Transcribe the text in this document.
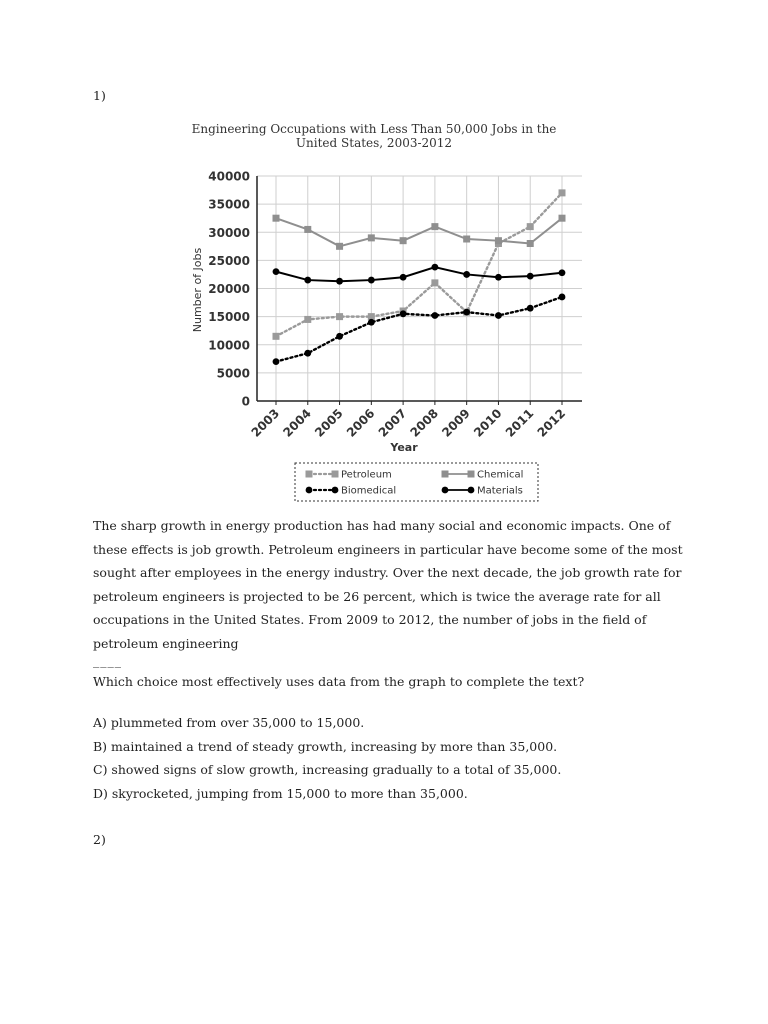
1)
Engineering Occupations with Less Than 50,000 Jobs in the
United States, 2003-2012
0
5000
10000
15000
20000
25000
30000
35000
40000
2003
2004
2005
2006
2007
2008
2009
2010
2011
2012
Number of Jobs
Year
Petroleum	Chemical
Biomedical	Materials
The sharp growth in energy production has had many social and economic impacts. One of these effects is job growth. Petroleum engineers in particular have become some of the most sought after employees in the energy industry. Over the next decade, the job growth rate for petroleum engineers is projected to be 26 percent, which is twice the average rate for all occupations in the United States. From 2009 to 2012, the number of jobs in the field of petroleum engineering
____
Which choice most effectively uses data from the graph to complete the text?
A) plummeted from over 35,000 to 15,000.
B) maintained a trend of steady growth, increasing by more than 35,000.
C) showed signs of slow growth, increasing gradually to a total of 35,000.
D) skyrocketed, jumping from 15,000 to more than 35,000.
2)
